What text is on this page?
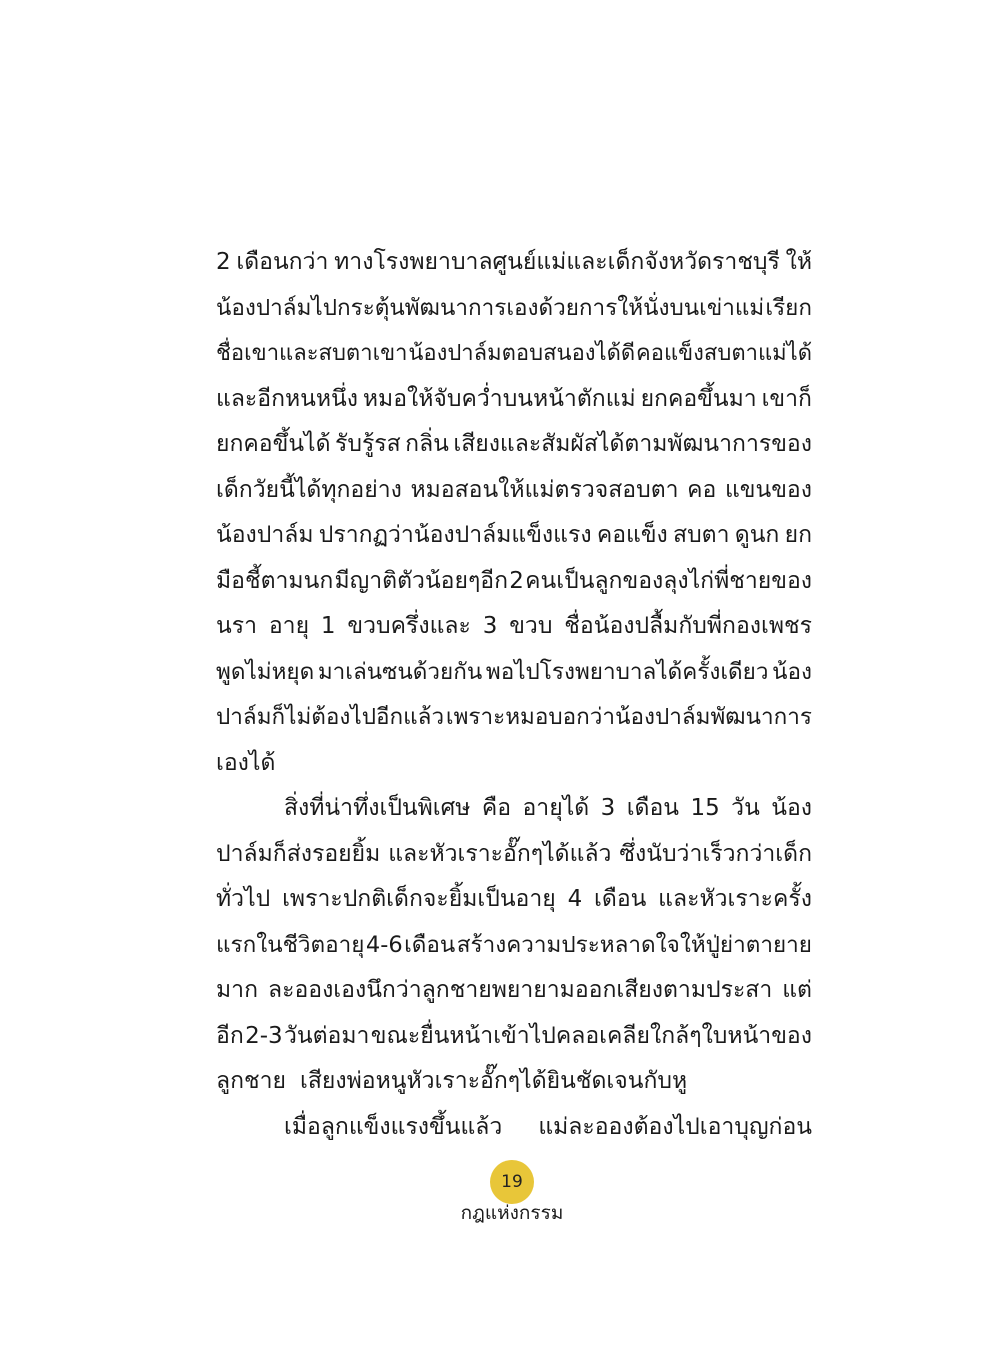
2 เดือนกว่า ทางโรงพยาบาลศูนย์แม่และเด็กจังหวัดราชบุรี ให้
น้องปาล์มไปกระตุ้นพัฒนาการเองด้วยการให้นั่งบนเข่าแม่ เรียก
ชื่อเขาและสบตาเขา น้องปาล์มตอบสนองได้ดี คอแข็งสบตาแม่ได้
และอีกหนหนึ่ง หมอให้จับคว่ำบนหน้าตักแม่ ยกคอขึ้นมา เขาก็
ยกคอขึ้นได้ รับรู้รส กลิ่น เสียงและสัมผัสได้ตามพัฒนาการของ
เด็กวัยนี้ได้ทุกอย่าง หมอสอนให้แม่ตรวจสอบตา คอ แขนของ
น้องปาล์ม ปรากฏว่าน้องปาล์มแข็งแรง คอแข็ง สบตา ดูนก ยก
มือชี้ตามนก มีญาติตัวน้อยๆอีก 2 คนเป็นลูกของลุงไก่พี่ชายของ
นรา อายุ 1 ขวบครึ่งและ 3 ขวบ ชื่อน้องปลื้มกับพี่กองเพชร
พูดไม่หยุด มาเล่นซนด้วยกัน พอไปโรงพยาบาลได้ครั้งเดียว น้อง
ปาล์มก็ไม่ต้องไปอีกแล้ว เพราะหมอบอกว่าน้องปาล์มพัฒนาการ
เองได้
สิ่งที่น่าทึ่งเป็นพิเศษ คือ อายุได้ 3 เดือน 15 วัน น้อง
ปาล์มก็ส่งรอยยิ้ม และหัวเราะอั๊กๆได้แล้ว ซึ่งนับว่าเร็วกว่าเด็ก
ทั่วไป เพราะปกติเด็กจะยิ้มเป็นอายุ 4 เดือน และหัวเราะครั้ง
แรกในชีวิตอายุ 4-6 เดือน สร้างความประหลาดใจให้ปู่ย่าตายาย
มาก ละอองเองนึกว่าลูกชายพยายามออกเสียงตามประสา แต่
อีก 2-3 วันต่อมา ขณะยื่นหน้าเข้าไปคลอเคลียใกล้ๆใบหน้าของ
ลูกชาย เสียงพ่อหนูหัวเราะอั๊กๆได้ยินชัดเจนกับหู
เมื่อลูกแข็งแรงขึ้นแล้ว แม่ละอองต้องไปเอาบุญก่อน
19
กฎแห่งกรรม
